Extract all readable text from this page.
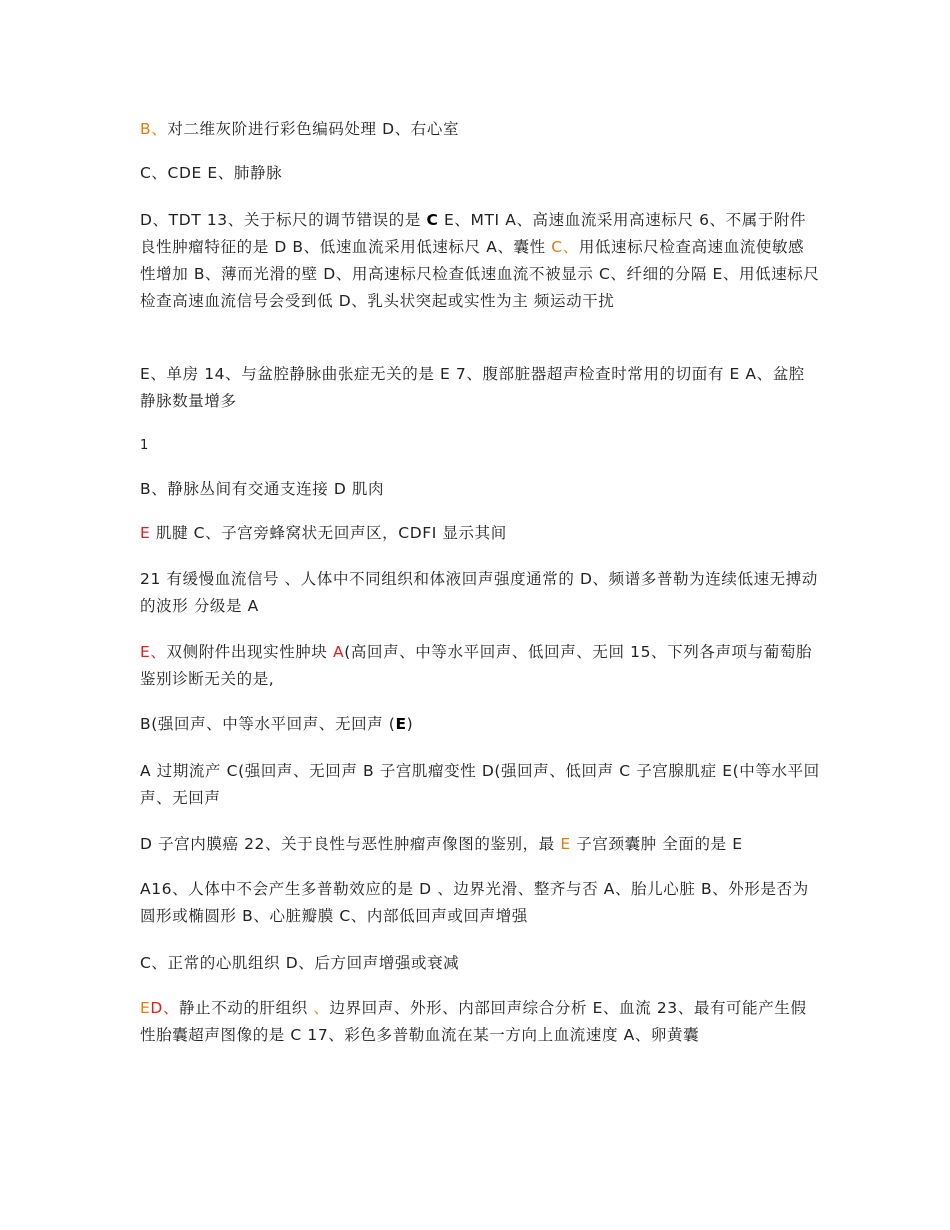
B、对二维灰阶进行彩色编码处理 D、右心室
C、CDE E、肺静脉
D、TDT 13、关于标尺的调节错误的是 C E、MTI A、高速血流采用高速标尺 6、不属于附件良性肿瘤特征的是 D B、低速血流采用低速标尺 A、囊性 C、用低速标尺检查高速血流使敏感性增加 B、薄而光滑的壁 D、用高速标尺检查低速血流不被显示 C、纤细的分隔 E、用低速标尺检查高速血流信号会受到低 D、乳头状突起或实性为主 频运动干扰
E、单房 14、与盆腔静脉曲张症无关的是 E 7、腹部脏器超声检查时常用的切面有 E A、盆腔静脉数量增多
1
B、静脉丛间有交通支连接 D 肌肉
E 肌腱 C、子宫旁蜂窝状无回声区，CDFI 显示其间
21 有缓慢血流信号 、人体中不同组织和体液回声强度通常的 D、频谱多普勒为连续低速无搏动的波形 分级是 A
E、双侧附件出现实性肿块 A(高回声、中等水平回声、低回声、无回 15、下列各声项与葡萄胎鉴别诊断无关的是,
B(强回声、中等水平回声、无回声 (E)
A 过期流产 C(强回声、无回声 B 子宫肌瘤变性 D(强回声、低回声 C 子宫腺肌症 E(中等水平回声、无回声
D 子宫内膜癌 22、关于良性与恶性肿瘤声像图的鉴别，最 E 子宫颈囊肿 全面的是 E
A16、人体中不会产生多普勒效应的是 D 、边界光滑、整齐与否 A、胎儿心脏 B、外形是否为圆形或椭圆形 B、心脏瓣膜 C、内部低回声或回声增强
C、正常的心肌组织 D、后方回声增强或衰减
ED、静止不动的肝组织 、边界回声、外形、内部回声综合分析 E、血流 23、最有可能产生假性胎囊超声图像的是 C 17、彩色多普勒血流在某一方向上血流速度 A、卵黄囊
